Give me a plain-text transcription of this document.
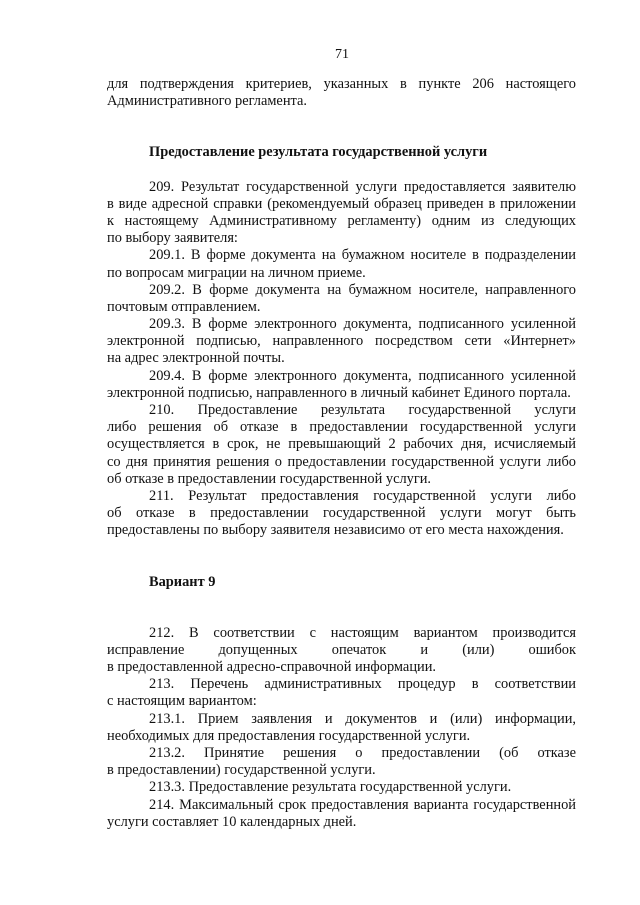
71
для подтверждения критериев, указанных в пункте 206 настоящего
Административного регламента.
Предоставление результата государственной услуги
209. Результат государственной услуги предоставляется заявителю
в виде адресной справки (рекомендуемый образец приведен в приложении
к настоящему Административному регламенту) одним из следующих
по выбору заявителя:
209.1. В форме документа на бумажном носителе в подразделении
по вопросам миграции на личном приеме.
209.2. В форме документа на бумажном носителе, направленного
почтовым отправлением.
209.3. В форме электронного документа, подписанного усиленной
электронной подписью, направленного посредством сети «Интернет»
на адрес электронной почты.
209.4. В форме электронного документа, подписанного усиленной
электронной подписью, направленного в личный кабинет Единого портала.
210. Предоставление результата государственной услуги
либо решения об отказе в предоставлении государственной услуги
осуществляется в срок, не превышающий 2 рабочих дня, исчисляемый
со дня принятия решения о предоставлении государственной услуги либо
об отказе в предоставлении государственной услуги.
211. Результат предоставления государственной услуги либо
об отказе в предоставлении государственной услуги могут быть
предоставлены по выбору заявителя независимо от его места нахождения.
Вариант 9
212. В соответствии с настоящим вариантом производится
исправление допущенных опечаток и (или) ошибок
в предоставленной адресно-справочной информации.
213. Перечень административных процедур в соответствии
с настоящим вариантом:
213.1. Прием заявления и документов и (или) информации,
необходимых для предоставления государственной услуги.
213.2. Принятие решения о предоставлении (об отказе
в предоставлении) государственной услуги.
213.3. Предоставление результата государственной услуги.
214. Максимальный срок предоставления варианта государственной
услуги составляет 10 календарных дней.
